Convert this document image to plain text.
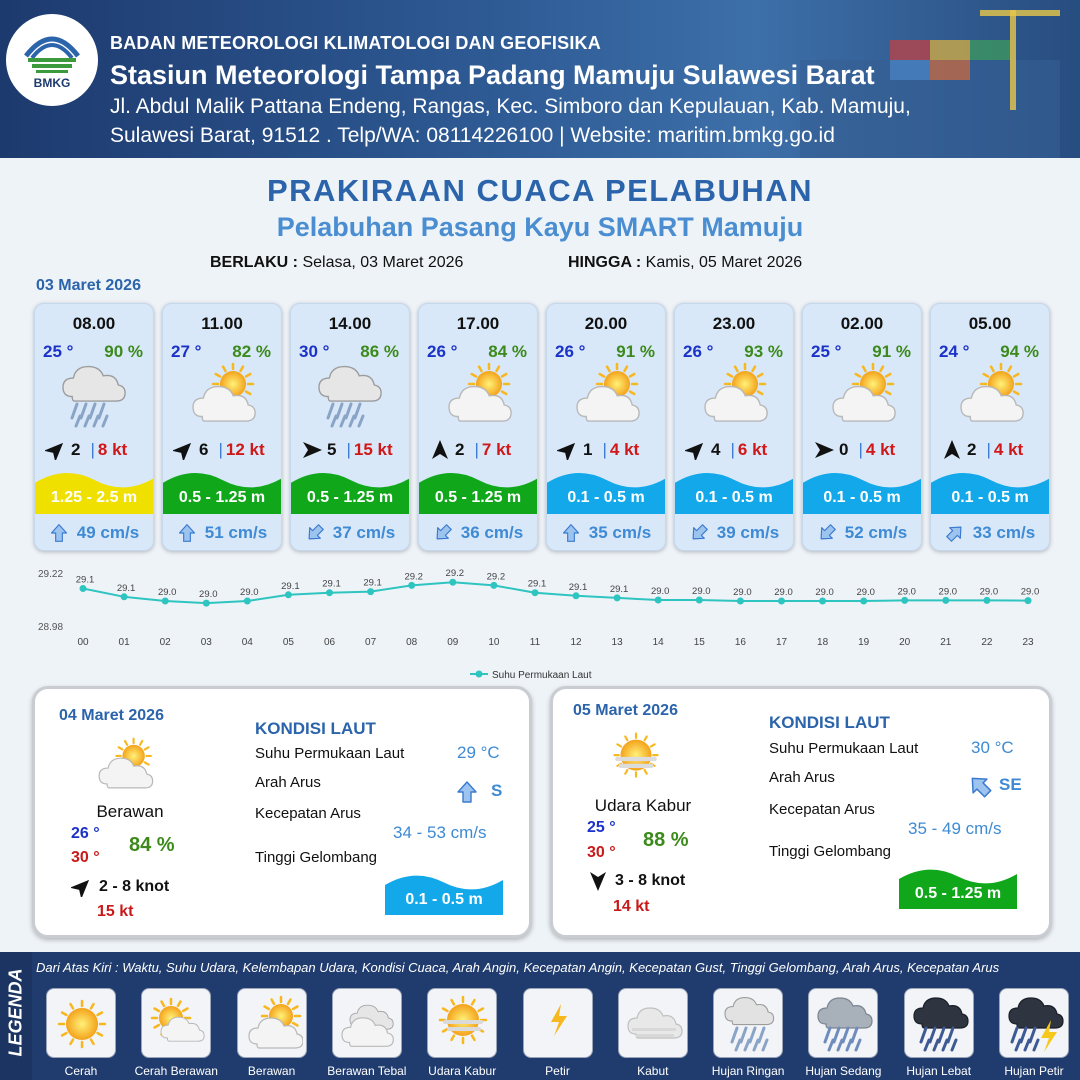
BMKG
BADAN METEOROLOGI KLIMATOLOGI DAN GEOFISIKA
Stasiun Meteorologi Tampa Padang Mamuju Sulawesi Barat
Jl. Abdul Malik Pattana Endeng, Rangas, Kec. Simboro dan Kepulauan, Kab. Mamuju,
Sulawesi Barat, 91512 . Telp/WA: 08114226100 | Website: maritim.bmkg.go.id
PRAKIRAAN CUACA PELABUHAN
Pelabuhan Pasang Kayu SMART Mamuju
BERLAKU : Selasa, 03 Maret 2026	HINGGA : Kamis, 05 Maret 2026
03 Maret 2026
08.00
25 ° 90 %
1.25 - 2.5 m
2 | 8 kt
49 cm/s
11.00
27 ° 82 %
0.5 - 1.25 m
6 | 12 kt
51 cm/s
14.00
30 ° 86 %
0.5 - 1.25 m
5 | 15 kt
37 cm/s
17.00
26 ° 84 %
0.5 - 1.25 m
2 | 7 kt
36 cm/s
20.00
26 ° 91 %
0.1 - 0.5 m
1 | 4 kt
35 cm/s
23.00
26 ° 93 %
0.1 - 0.5 m
4 | 6 kt
39 cm/s
02.00
25 ° 91 %
0.1 - 0.5 m
0 | 4 kt
52 cm/s
05.00
24 ° 94 %
0.1 - 0.5 m
2 | 4 kt
33 cm/s
29.22
28.98
29.1
00
29.1
01
29.0
02
29.0
03
29.0
04
29.1
05
29.1
06
29.1
07
29.2
08
29.2
09
29.2
10
29.1
11
29.1
12
29.1
13
29.0
14
29.0
15
29.0
16
29.0
17
29.0
18
29.0
19
29.0
20
29.0
21
29.0
22
29.0
23
Suhu Permukaan Laut
04 Maret 2026
Berawan
26 °
30 °
84 %
2 - 8 knot
15 kt
KONDISI LAUT
Suhu Permukaan Laut	29 °C
Arah Arus	S
Kecepatan Arus
34 - 53 cm/s
Tinggi Gelombang
0.1 - 0.5 m
05 Maret 2026
Udara Kabur
25 °
30 °
88 %
3 - 8 knot
14 kt
KONDISI LAUT
Suhu Permukaan Laut	30 °C
Arah Arus	SE
Kecepatan Arus
35 - 49 cm/s
Tinggi Gelombang
0.5 - 1.25 m
LEGENDA
Dari Atas Kiri : Waktu, Suhu Udara, Kelembapan Udara, Kondisi Cuaca, Arah Angin, Kecepatan Angin, Kecepatan Gust, Tinggi Gelombang, Arah Arus, Kecepatan Arus
Cerah	Cerah Berawan	Berawan	Berawan Tebal	Udara Kabur	Petir	Kabut	Hujan Ringan	Hujan Sedang	Hujan Lebat	Hujan Petir
